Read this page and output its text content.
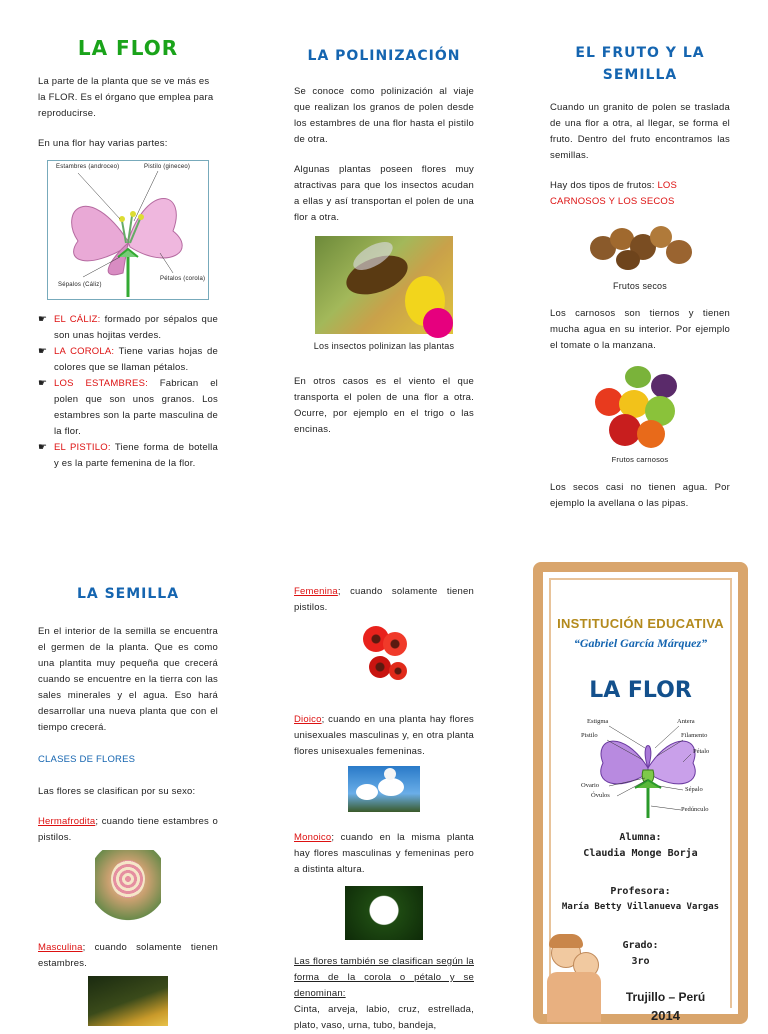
LA FLOR

La parte de la planta que se ve más es la FLOR. Es el órgano que emplea para reproducirse.

En una flor hay varias partes:

Estambres (androceo)	Pistilo (gineceo)
Sépalos (Cáliz)
Pétalos (corola)
☛ EL CÁLIZ: formado por sépalos que son unas hojitas verdes.
☛ LA COROLA: Tiene varias hojas de colores que se llaman pétalos.
☛ LOS ESTAMBRES: Fabrican el polen que son unos granos. Los estambres son la parte masculina de la flor.
☛ EL PISTILO: Tiene forma de botella y es la parte femenina de la flor.
LA POLINIZACIÓN

Se conoce como polinización al viaje que realizan los granos de polen desde los estambres de una flor hasta el pistilo de otra.

Algunas plantas poseen flores muy atractivas para que los insectos acudan a ellas y así transportan el polen de una flor a otra.

Los insectos polinizan las plantas

En otros casos es el viento el que transporta el polen de una flor a otra. Ocurre, por ejemplo en el trigo o las encinas.

EL FRUTO Y LA
SEMILLA

Cuando un granito de polen se traslada de una flor a otra, al llegar, se forma el fruto. Dentro del fruto encontramos las semillas.

Hay dos tipos de frutos: LOS CARNOSOS Y LOS SECOS

Frutos secos

Los carnosos son tiernos y tienen mucha agua en su interior. Por ejemplo el tomate o la manzana.

Frutos carnosos

Los secos casi no tienen agua. Por ejemplo la avellana o las pipas.

LA SEMILLA

En el interior de la semilla se encuentra el germen de la planta. Que es como una plantita muy pequeña que crecerá cuando se encuentre en la tierra con las sales minerales y el agua. Eso hará desarrollar una nueva planta que con el tiempo crecerá.

CLASES DE FLORES

Las flores se clasifican por su sexo:

Hermafrodita; cuando tiene estambres o pistilos.

Masculina; cuando solamente tienen estambres.

Femenina; cuando solamente tienen pistilos.

Dioico; cuando en una planta hay flores unisexuales masculinas y, en otra planta flores unisexuales femeninas.

Monoico; cuando en la misma planta hay flores masculinas y femeninas pero a distinta altura.

Las flores también se clasifican según la forma de la corola o pétalo y se denominan:

Cinta, arveja, labio, cruz, estrellada, plato, vaso, urna, tubo, bandeja,

INSTITUCIÓN EDUCATIVA
“Gabriel García Márquez”
LA FLOR
Estigma	Antera
Pistilo	Filamento
Pétalo
Ovario
Óvulos
Sépalo
Pedúnculo
Alumna:
Claudia Monge Borja
Profesora:
María Betty Villanueva Vargas
Grado:
3ro
Trujillo – Perú
2014
